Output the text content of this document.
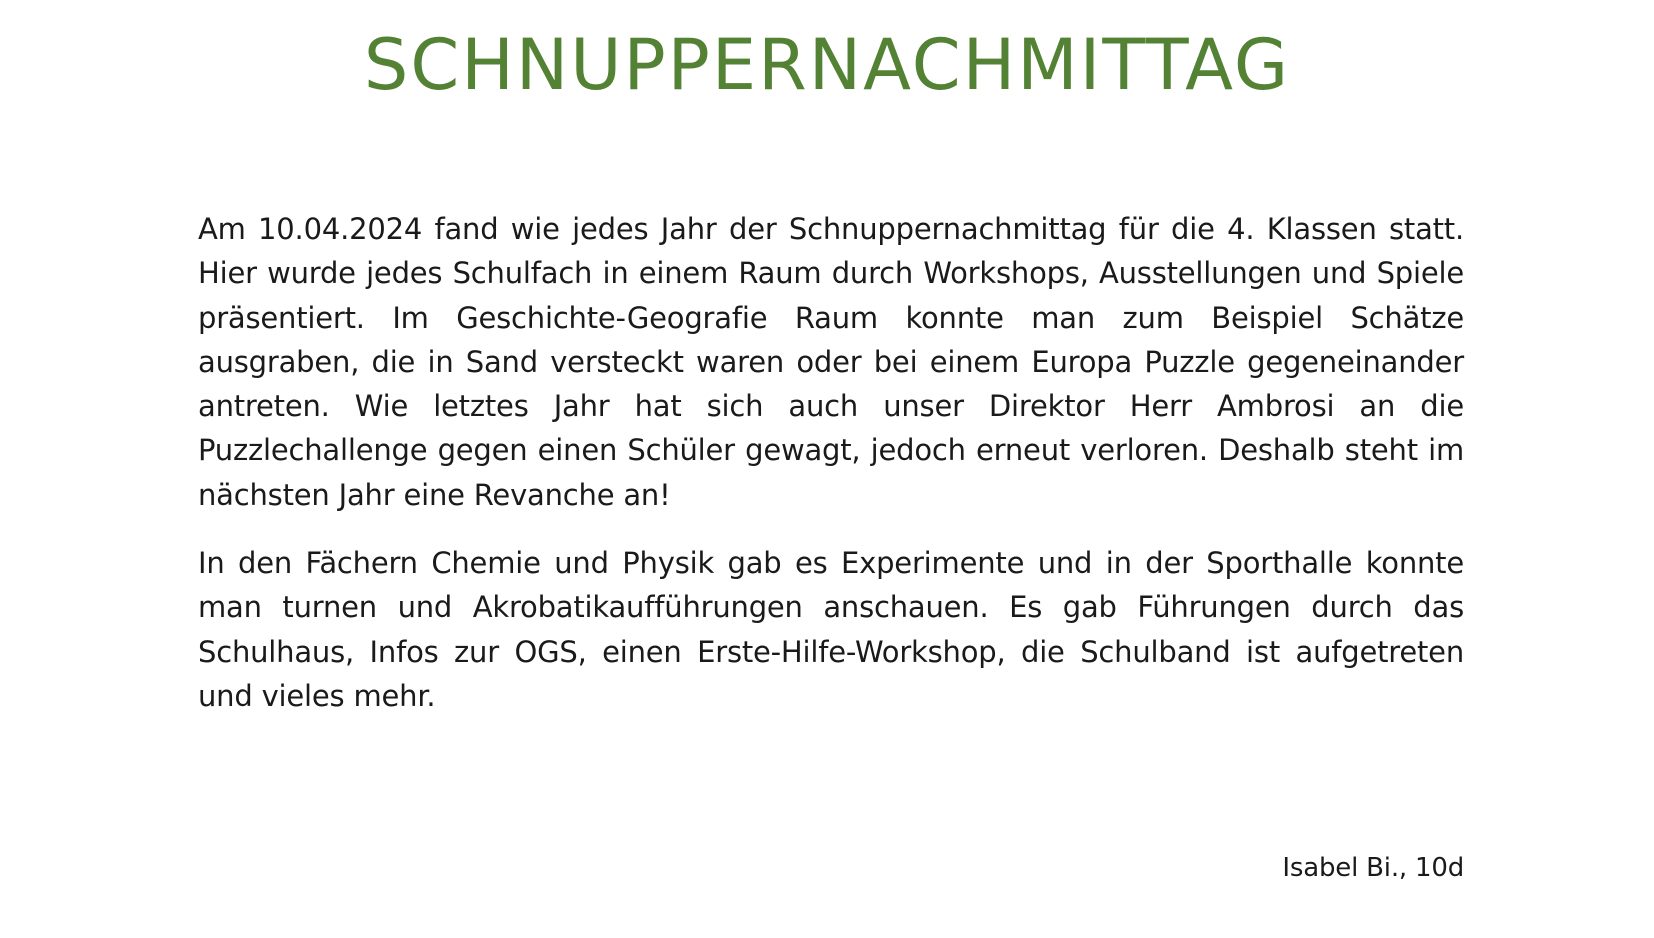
SCHNUPPERNACHMITTAG

Am 10.04.2024 fand wie jedes Jahr der Schnuppernachmittag für die 4. Klassen statt. Hier wurde jedes Schulfach in einem Raum durch Workshops, Ausstellungen und Spiele präsentiert. Im Geschichte-Geografie Raum konnte man zum Beispiel Schätze ausgraben, die in Sand versteckt waren oder bei einem Europa Puzzle gegeneinander antreten. Wie letztes Jahr hat sich auch unser Direktor Herr Ambrosi an die Puzzlechallenge gegen einen Schüler gewagt, jedoch erneut verloren. Deshalb steht im nächsten Jahr eine Revanche an!

In den Fächern Chemie und Physik gab es Experimente und in der Sporthalle konnte man turnen und Akrobatikaufführungen anschauen. Es gab Führungen durch das Schulhaus, Infos zur OGS, einen Erste-Hilfe-Workshop, die Schulband ist aufgetreten und vieles mehr.

Isabel Bi., 10d
